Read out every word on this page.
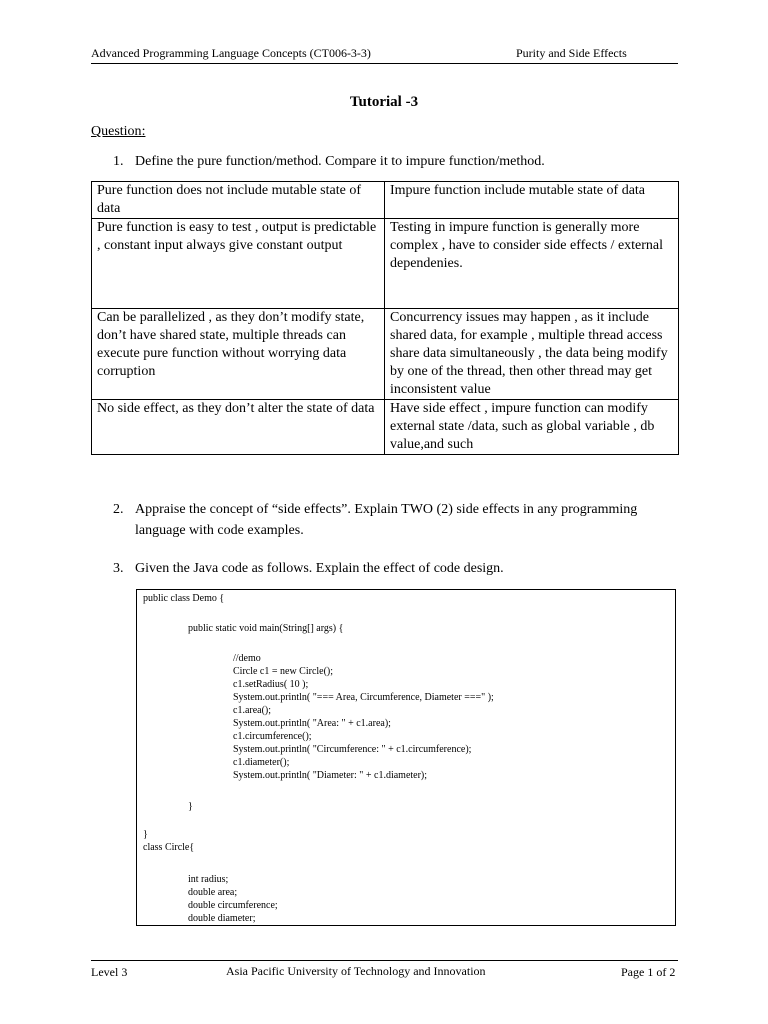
Advanced Programming Language Concepts (CT006-3-3)	Purity and Side Effects
Tutorial -3
Question:
1. Define the pure function/method. Compare it to impure function/method.
Pure function does not include mutable state of data	Impure function include mutable state of data
Pure function is easy to test , output is predictable , constant input always give constant output	Testing in impure function is generally more complex , have to consider side effects / external dependenies.
Can be parallelized , as they don’t modify state, don’t have shared state, multiple threads can execute pure function without worrying data corruption	Concurrency issues may happen , as it include shared data, for example , multiple thread access share data simultaneously , the data being modify by one of the thread, then other thread may get inconsistent value
No side effect, as they don’t alter the state of data	Have side effect , impure function can modify external state /data, such as global variable , db value,and such
2. Appraise the concept of “side effects”. Explain TWO (2) side effects in any programming language with code examples.
3. Given the Java code as follows. Explain the effect of code design.
public class Demo {
public static void main(String[] args) {
//demo
Circle c1 = new Circle();
c1.setRadius( 10 );
System.out.println( "=== Area, Circumference, Diameter ===" );
c1.area();
System.out.println( "Area: " + c1.area);
c1.circumference();
System.out.println( "Circumference: " + c1.circumference);
c1.diameter();
System.out.println( "Diameter: " + c1.diameter);
}
}
class Circle{
int radius;
double area;
double circumference;
double diameter;
Level 3	Asia Pacific University of Technology and Innovation	Page 1 of 2
